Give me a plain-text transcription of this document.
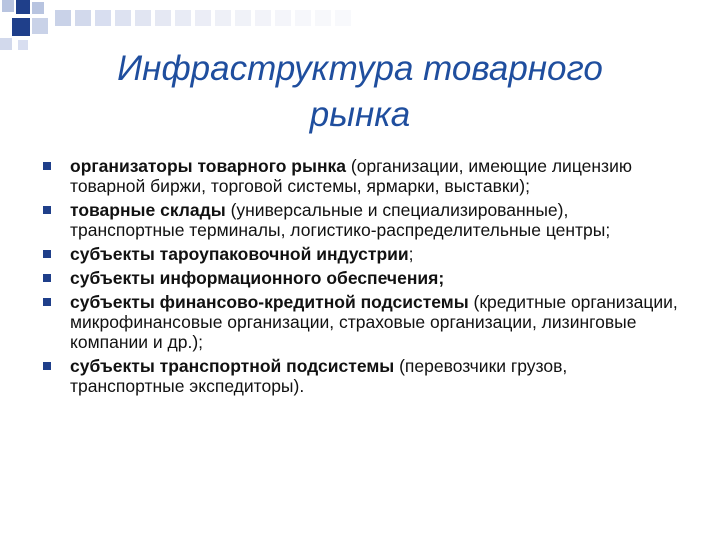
Инфраструктура товарного
рынка
организаторы товарного рынка (организации, имеющие лицензию товарной биржи, торговой системы, ярмарки, выставки);
товарные склады (универсальные и специализированные), транспортные терминалы, логистико-распределительные центры;
субъекты тароупаковочной индустрии;
субъекты информационного обеспечения;
субъекты финансово-кредитной подсистемы (кредитные организации, микрофинансовые организации, страховые организации, лизинговые компании и др.);
субъекты транспортной подсистемы (перевозчики грузов, транспортные экспедиторы).
